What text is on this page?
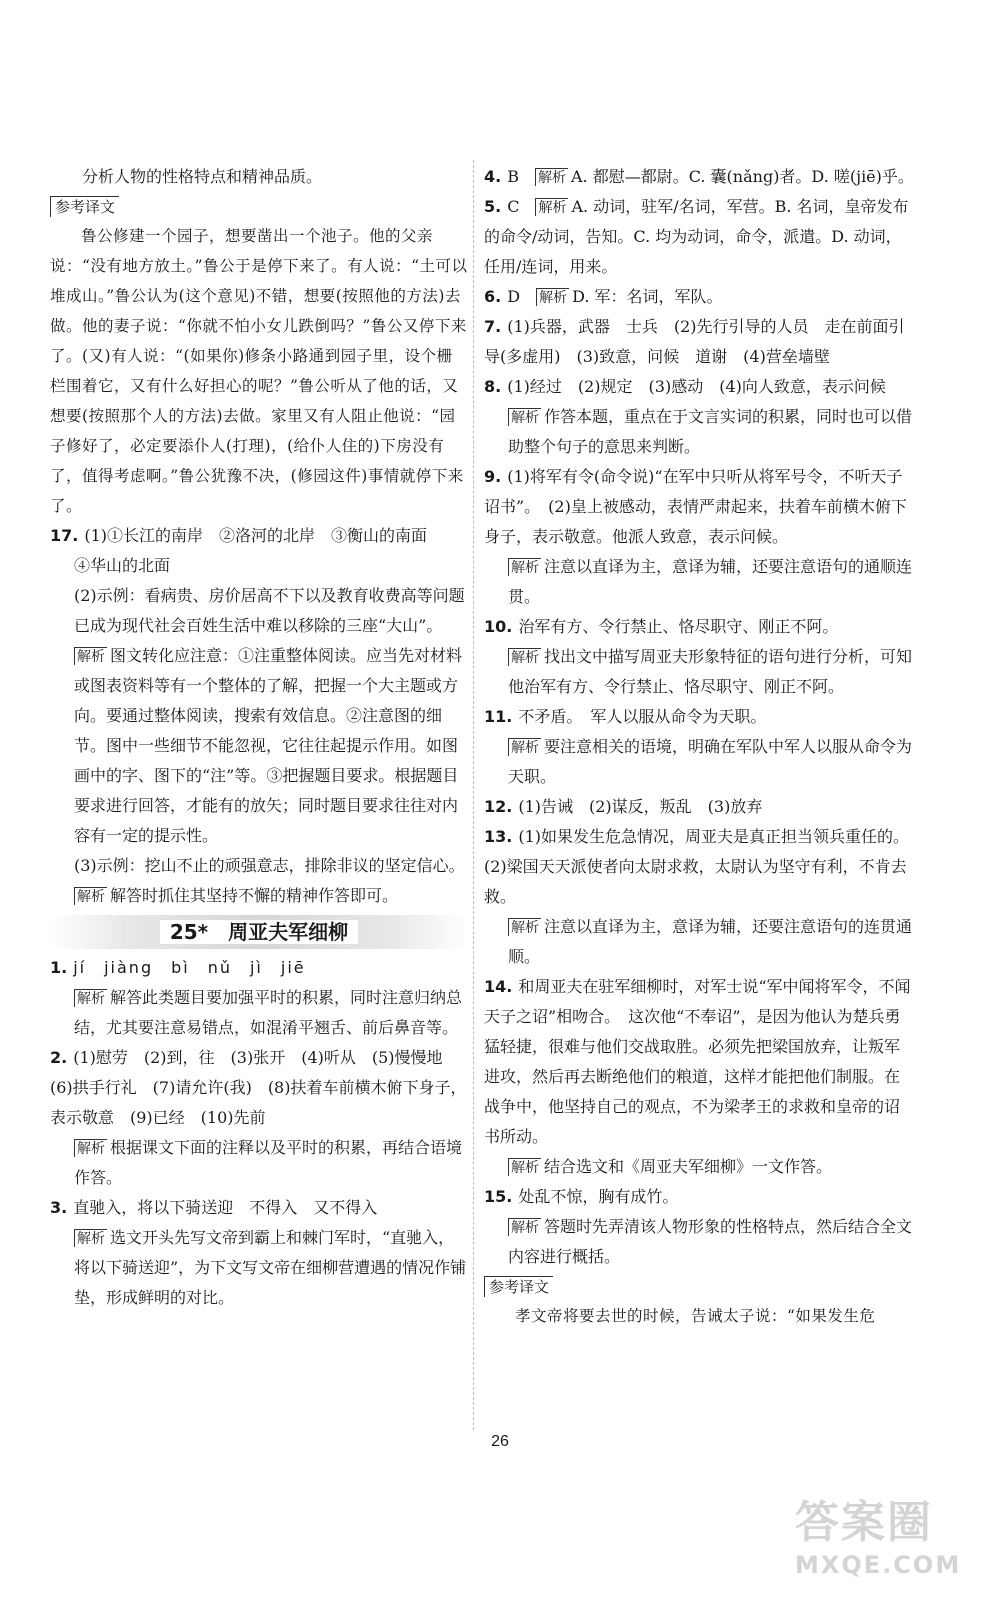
分析人物的性格特点和精神品质。

参考译文

鲁公修建一个园子，想要凿出一个池子。他的父亲说：“没有地方放土。”鲁公于是停下来了。有人说：“土可以堆成山。”鲁公认为(这个意见)不错，想要(按照他的方法)去做。他的妻子说：“你就不怕小女儿跌倒吗？”鲁公又停下来了。(又)有人说：“(如果你)修条小路通到园子里，设个栅栏围着它，又有什么好担心的呢？”鲁公听从了他的话，又想要(按照那个人的方法)去做。家里又有人阻止他说：“园子修好了，必定要添仆人(打理)，(给仆人住的)下房没有了，值得考虑啊。”鲁公犹豫不决，(修园这件)事情就停下来了。

17. (1)①长江的南岸　②洛河的北岸　③衡山的南面

④华山的北面

(2)示例：看病贵、房价居高不下以及教育收费高等问题已成为现代社会百姓生活中难以移除的三座“大山”。

解析 图文转化应注意：①注重整体阅读。应当先对材料或图表资料等有一个整体的了解，把握一个大主题或方向。要通过整体阅读，搜索有效信息。②注意图的细节。图中一些细节不能忽视，它往往起提示作用。如图画中的字、图下的“注”等。③把握题目要求。根据题目要求进行回答，才能有的放矢；同时题目要求往往对内容有一定的提示性。

(3)示例：挖山不止的顽强意志，排除非议的坚定信心。

解析 解答时抓住其坚持不懈的精神作答即可。

25*　周亚夫军细柳

1. jí　jiàng　bì　nǔ　jì　jiē

解析 解答此类题目要加强平时的积累，同时注意归纳总结，尤其要注意易错点，如混淆平翘舌、前后鼻音等。

2. (1)慰劳　(2)到，往　(3)张开　(4)听从　(5)慢慢地　(6)拱手行礼　(7)请允许(我)　(8)扶着车前横木俯下身子，表示敬意　(9)已经　(10)先前

解析 根据课文下面的注释以及平时的积累，再结合语境作答。

3. 直驰入，将以下骑送迎　不得入　又不得入

解析 选文开头先写文帝到霸上和棘门军时，“直驰入，将以下骑送迎”，为下文写文帝在细柳营遭遇的情况作铺垫，形成鲜明的对比。

4. B　解析 A. 都慰—都尉。C. 囊(nǎng)者。D. 嗟(jiē)乎。

5. C　解析 A. 动词，驻军/名词，军营。B. 名词，皇帝发布的命令/动词，告知。C. 均为动词，命令，派遣。D. 动词，任用/连词，用来。

6. D　解析 D. 军：名词，军队。

7. (1)兵器，武器　士兵　(2)先行引导的人员　走在前面引导(多虚用)　(3)致意，问候　道谢　(4)营垒墙壁

8. (1)经过　(2)规定　(3)感动　(4)向人致意，表示问候

解析 作答本题，重点在于文言实词的积累，同时也可以借助整个句子的意思来判断。

9. (1)将军有令(命令说)“在军中只听从将军号令，不听天子诏书”。　(2)皇上被感动，表情严肃起来，扶着车前横木俯下身子，表示敬意。他派人致意，表示问候。

解析 注意以直译为主，意译为辅，还要注意语句的通顺连贯。

10. 治军有方、令行禁止、恪尽职守、刚正不阿。

解析 找出文中描写周亚夫形象特征的语句进行分析，可知他治军有方、令行禁止、恪尽职守、刚正不阿。

11. 不矛盾。　军人以服从命令为天职。

解析 要注意相关的语境，明确在军队中军人以服从命令为天职。

12. (1)告诫　(2)谋反，叛乱　(3)放弃

13. (1)如果发生危急情况，周亚夫是真正担当领兵重任的。　(2)梁国天天派使者向太尉求救，太尉认为坚守有利，不肯去救。

解析 注意以直译为主，意译为辅，还要注意语句的连贯通顺。

14. 和周亚夫在驻军细柳时，对军士说“军中闻将军令，不闻天子之诏”相吻合。　这次他“不奉诏”，是因为他认为楚兵勇猛轻捷，很难与他们交战取胜。必须先把梁国放弃，让叛军进攻，然后再去断绝他们的粮道，这样才能把他们制服。在战争中，他坚持自己的观点，不为梁孝王的求救和皇帝的诏书所动。

解析 结合选文和《周亚夫军细柳》一文作答。

15. 处乱不惊，胸有成竹。

解析 答题时先弄清该人物形象的性格特点，然后结合全文内容进行概括。

参考译文

孝文帝将要去世的时候，告诫太子说：“如果发生危

26
答案圈
MXQE.COM
